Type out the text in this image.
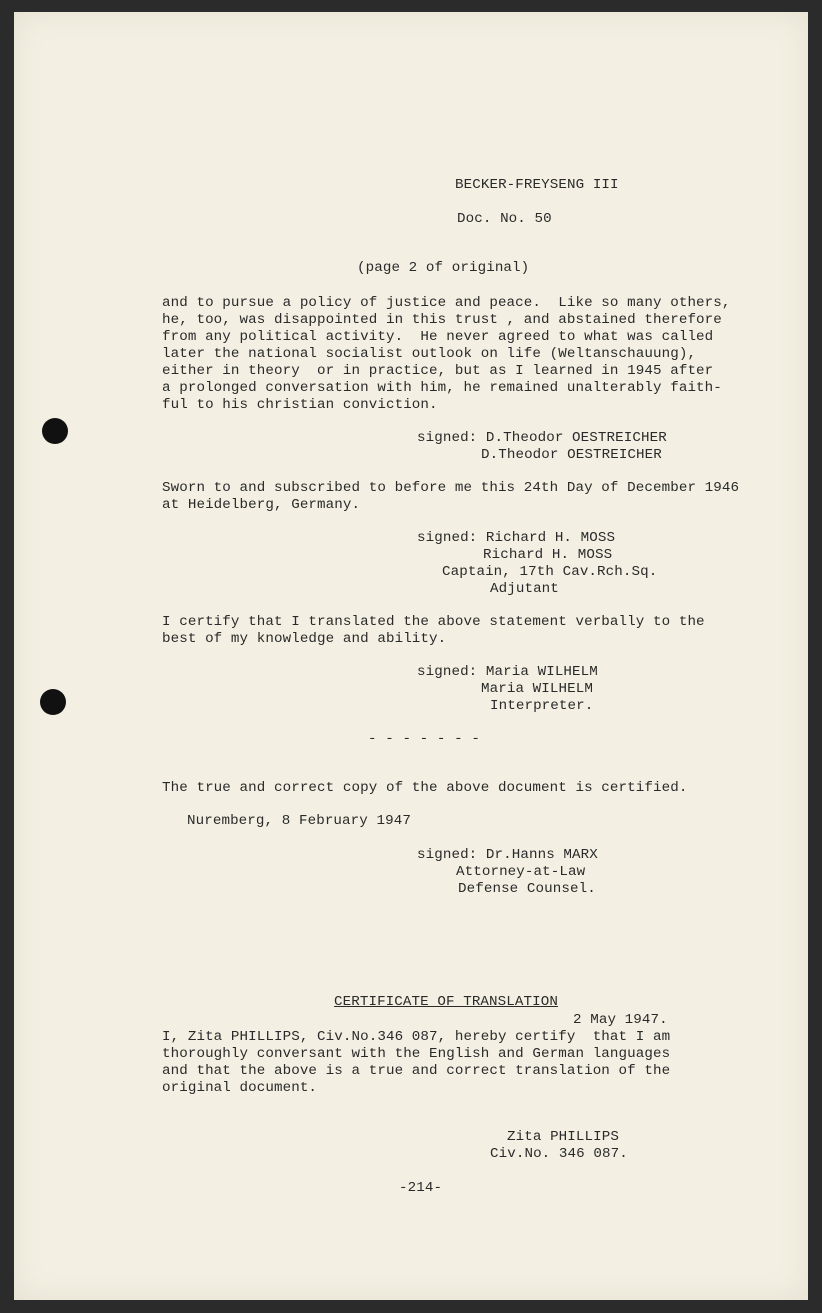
BECKER-FREYSENG III
Doc. No. 50
(page 2 of original)
and to pursue a policy of justice and peace.  Like so many others,
he, too, was disappointed in this trust , and abstained therefore
from any political activity.  He never agreed to what was called
later the national socialist outlook on life (Weltanschauung),
either in theory  or in practice, but as I learned in 1945 after
a prolonged conversation with him, he remained unalterably faith-
ful to his christian conviction.
signed: D.Theodor OESTREICHER
D.Theodor OESTREICHER
Sworn to and subscribed to before me this 24th Day of December 1946
at Heidelberg, Germany.
signed: Richard H. MOSS
Richard H. MOSS
Captain, 17th Cav.Rch.Sq.
Adjutant
I certify that I translated the above statement verbally to the
best of my knowledge and ability.
signed: Maria WILHELM
Maria WILHELM
Interpreter.
- - - - - - -
The true and correct copy of the above document is certified.
Nuremberg, 8 February 1947
signed: Dr.Hanns MARX
Attorney-at-Law
Defense Counsel.
CERTIFICATE OF TRANSLATION
2 May 1947.
I, Zita PHILLIPS, Civ.No.346 087, hereby certify  that I am
thoroughly conversant with the English and German languages
and that the above is a true and correct translation of the
original document.
Zita PHILLIPS
Civ.No. 346 087.
-214-
